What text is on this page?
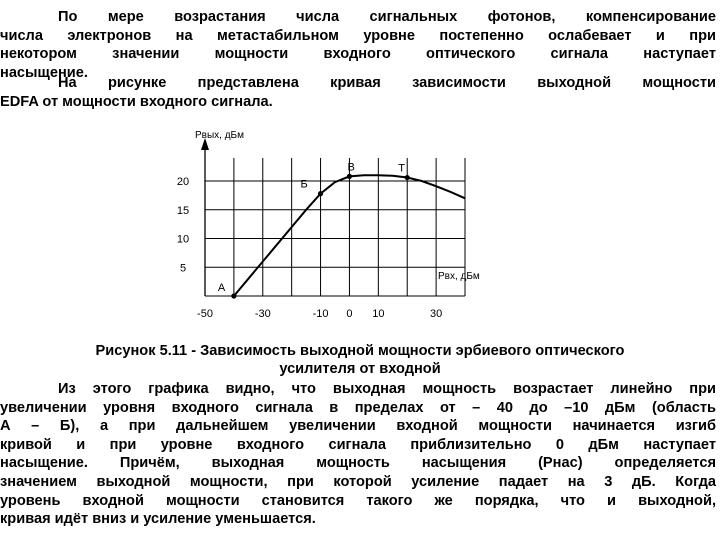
По мере возрастания числа сигнальных фотонов, компенсирование
числа электронов на метастабильном уровне постепенно ослабевает и при
некотором значении мощности входного оптического сигнала наступает
насыщение.
На рисунке представлена кривая зависимости выходной мощности
EDFA от мощности входного сигнала.
5
10
15
20
-50	-30	-10 0 10	30
А
Б
В	Т
Pвых, дБм
Pвх, дБм
Рисунок 5.11 - Зависимость выходной мощности эрбиевого оптического
усилителя от входной
Из этого графика видно, что выходная мощность возрастает линейно при
увеличении уровня входного сигнала в пределах от – 40 до –10 дБм (область
А – Б), а при дальнейшем увеличении входной мощности начинается изгиб
кривой и при уровне входного сигнала приблизительно 0 дБм наступает
насыщение. Причём, выходная мощность насыщения (Pнас) определяется
значением выходной мощности, при которой усиление падает на 3 дБ. Когда
уровень входной мощности становится такого же порядка, что и выходной,
кривая идёт вниз и усиление уменьшается.
